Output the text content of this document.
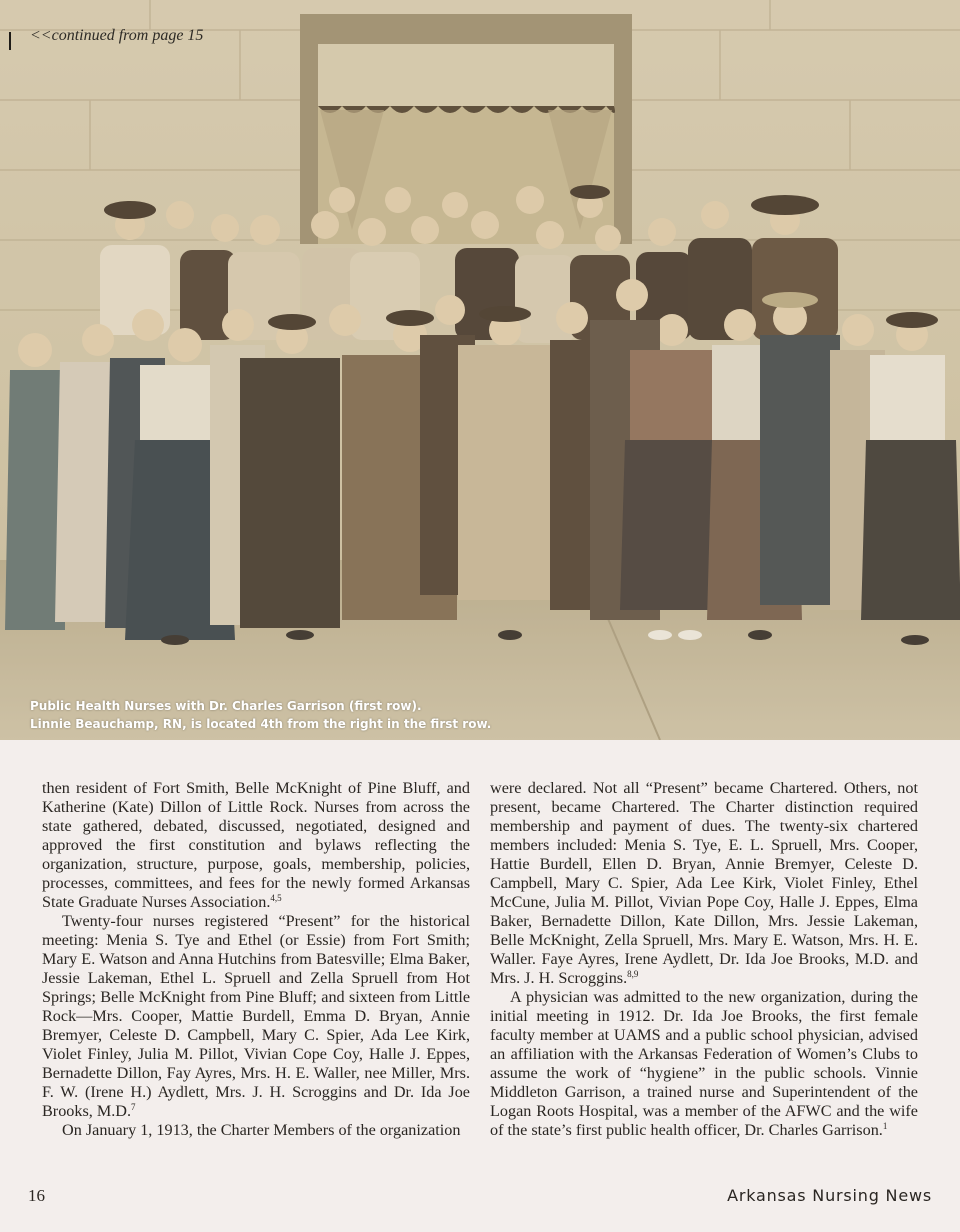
<<continued from page 15
Public Health Nurses with Dr. Charles Garrison (first row).
Linnie Beauchamp, RN, is located 4th from the right in the first row.

then resident of Fort Smith, Belle McKnight of Pine Bluff, and Katherine (Kate) Dillon of Little Rock. Nurses from across the state gathered, debated, discussed, negotiated, designed and approved the first constitution and bylaws reflecting the organization, structure, purpose, goals, membership, policies, processes, committees, and fees for the newly formed Arkansas State Graduate Nurses Association.$^{4,5}$

Twenty-four nurses registered “Present” for the historical meeting: Menia S. Tye and Ethel (or Essie) from Fort Smith; Mary E. Watson and Anna Hutchins from Batesville; Elma Baker, Jessie Lakeman, Ethel L. Spruell and Zella Spruell from Hot Springs; Belle McKnight from Pine Bluff; and sixteen from Little Rock—Mrs. Cooper, Mattie Burdell, Emma D. Bryan, Annie Bremyer, Celeste D. Campbell, Mary C. Spier, Ada Lee Kirk, Violet Finley, Julia M. Pillot, Vivian Cope Coy, Halle J. Eppes, Bernadette Dillon, Fay Ayres, Mrs. H. E. Waller, nee Miller, Mrs. F. W. (Irene H.) Aydlett, Mrs. J. H. Scroggins and Dr. Ida Joe Brooks, M.D.$^7$

On January 1, 1913, the Charter Members of the organization

were declared. Not all “Present” became Chartered. Others, not present, became Chartered. The Charter distinction required membership and payment of dues. The twenty-six chartered members included: Menia S. Tye, E. L. Spruell, Mrs. Cooper, Hattie Burdell, Ellen D. Bryan, Annie Bremyer, Celeste D. Campbell, Mary C. Spier, Ada Lee Kirk, Violet Finley, Ethel McCune, Julia M. Pillot, Vivian Pope Coy, Halle J. Eppes, Elma Baker, Bernadette Dillon, Kate Dillon, Mrs. Jessie Lakeman, Belle McKnight, Zella Spruell, Mrs. Mary E. Watson, Mrs. H. E. Waller. Faye Ayres, Irene Aydlett, Dr. Ida Joe Brooks, M.D. and Mrs. J. H. Scroggins.$^{8,9}$

A physician was admitted to the new organization, during the initial meeting in 1912. Dr. Ida Joe Brooks, the first female faculty member at UAMS and a public school physician, advised an affiliation with the Arkansas Federation of Women’s Clubs to assume the work of “hygiene” in the public schools. Vinnie Middleton Garrison, a trained nurse and Superintendent of the Logan Roots Hospital, was a member of the AFWC and the wife of the state’s first public health officer, Dr. Charles Garrison.$^1$

16	Arkansas Nursing News
